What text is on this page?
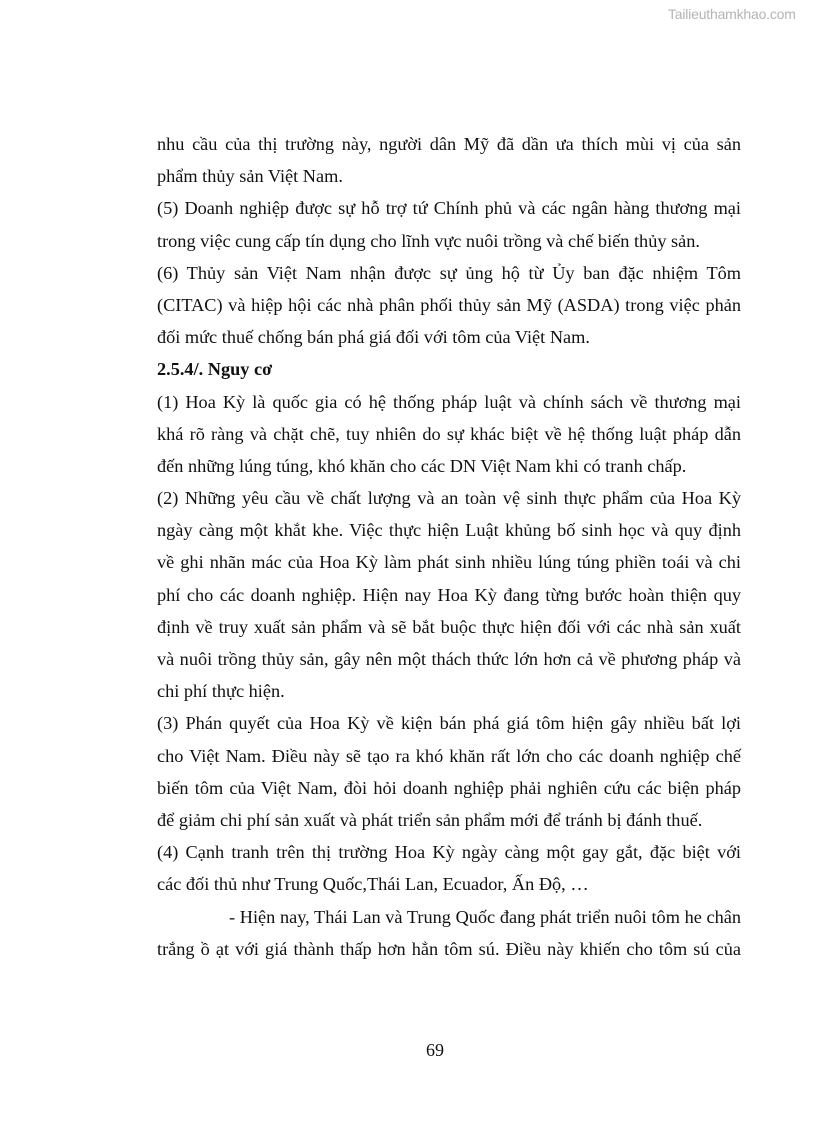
Tailieuthamkhao.com
nhu cầu của thị trường này, người dân Mỹ đã dần ưa thích mùi vị của sản
phẩm thủy sản Việt Nam.
(5) Doanh nghiệp được sự hỗ trợ tứ Chính phủ và các ngân hàng thương mại
trong việc cung cấp tín dụng cho lĩnh vực nuôi trồng và chế biến thủy sản.
(6) Thủy sản Việt Nam nhận được sự ủng hộ từ Ủy ban đặc nhiệm Tôm
(CITAC) và hiệp hội các nhà phân phối thủy sản Mỹ (ASDA) trong việc phản
đối mức thuế chống bán phá giá đối với tôm của Việt Nam.
2.5.4/. Nguy cơ
(1) Hoa Kỳ là quốc gia có hệ thống pháp luật và chính sách về thương mại
khá rõ ràng và chặt chẽ, tuy nhiên do sự khác biệt về hệ thống luật pháp dẫn
đến những lúng túng, khó khăn cho các DN Việt Nam khi có tranh chấp.
(2) Những yêu cầu về chất lượng và an toàn vệ sinh thực phẩm của Hoa Kỳ
ngày càng một khắt khe. Việc thực hiện Luật khủng bố sinh học và quy định
về ghi nhãn mác của Hoa Kỳ làm phát sinh nhiều lúng túng phiền toái và chi
phí cho các doanh nghiệp. Hiện nay Hoa Kỳ đang từng bước hoàn thiện quy
định về truy xuất sản phẩm và sẽ bắt buộc thực hiện đối với các nhà sản xuất
và nuôi trồng thủy sản, gây nên một thách thức lớn hơn cả về phương pháp và
chi phí thực hiện.
(3) Phán quyết của Hoa Kỳ về kiện bán phá giá tôm hiện gây nhiều bất lợi
cho Việt Nam. Điều này sẽ tạo ra khó khăn rất lớn cho các doanh nghiệp chế
biến tôm của Việt Nam, đòi hỏi doanh nghiệp phải nghiên cứu các biện pháp
để giảm chi phí sản xuất và phát triển sản phẩm mới để tránh bị đánh thuế.
(4) Cạnh tranh trên thị trường Hoa Kỳ ngày càng một gay gắt, đặc biệt với
các đối thủ như Trung Quốc,Thái Lan, Ecuador, Ấn Độ, …
- Hiện nay, Thái Lan và Trung Quốc đang phát triển nuôi tôm he chân
trắng ồ ạt với giá thành thấp hơn hẳn tôm sú. Điều này khiến cho tôm sú của
69
